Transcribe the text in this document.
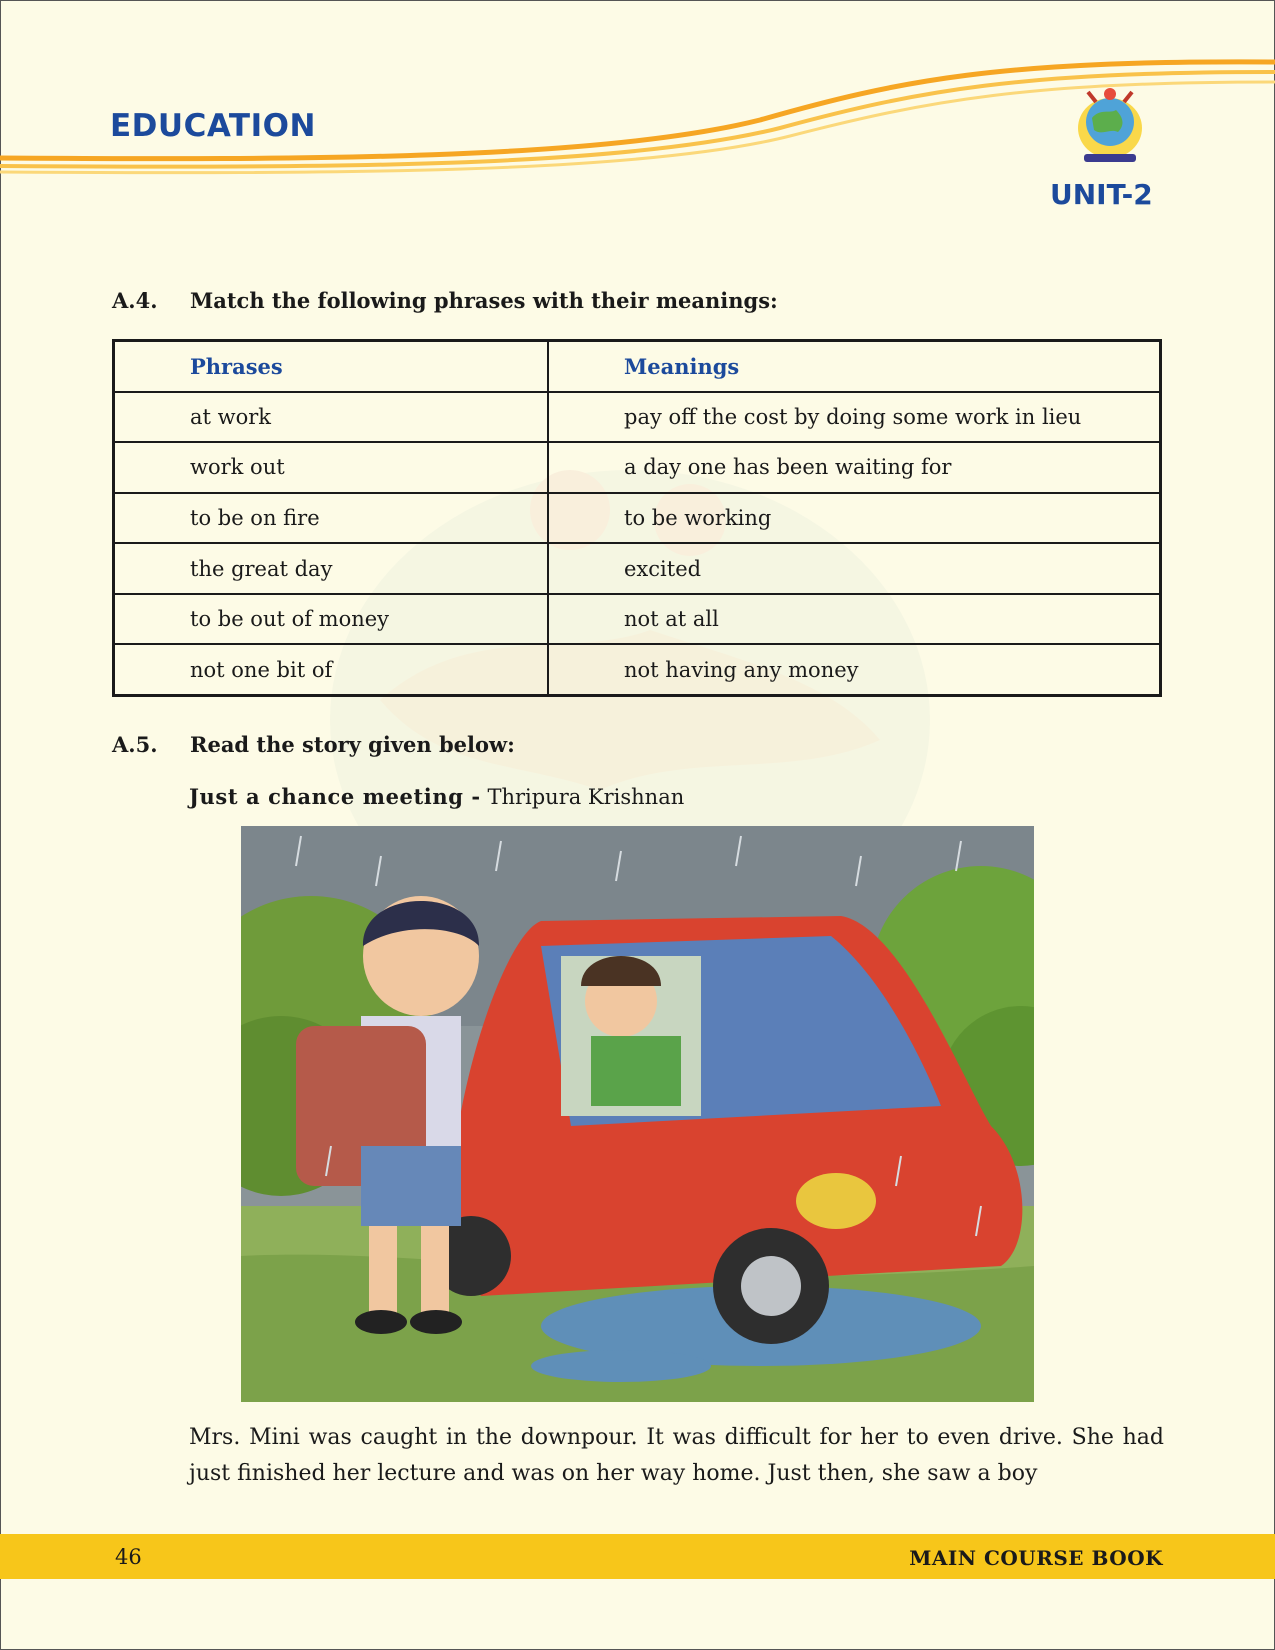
EDUCATION
UNIT-2
A.4. Match the following phrases with their meanings:
Phrases	Meanings
at work	pay off the cost by doing some work in lieu
work out	a day one has been waiting for
to be on fire	to be working
the great day	excited
to be out of money	not at all
not one bit of	not having any money
A.5. Read the story given below:

Just a chance meeting - Thripura Krishnan

Mrs. Mini was caught in the downpour. It was difficult for her to even drive. She had just finished her lecture and was on her way home. Just then, she saw a boy

46	MAIN COURSE BOOK
